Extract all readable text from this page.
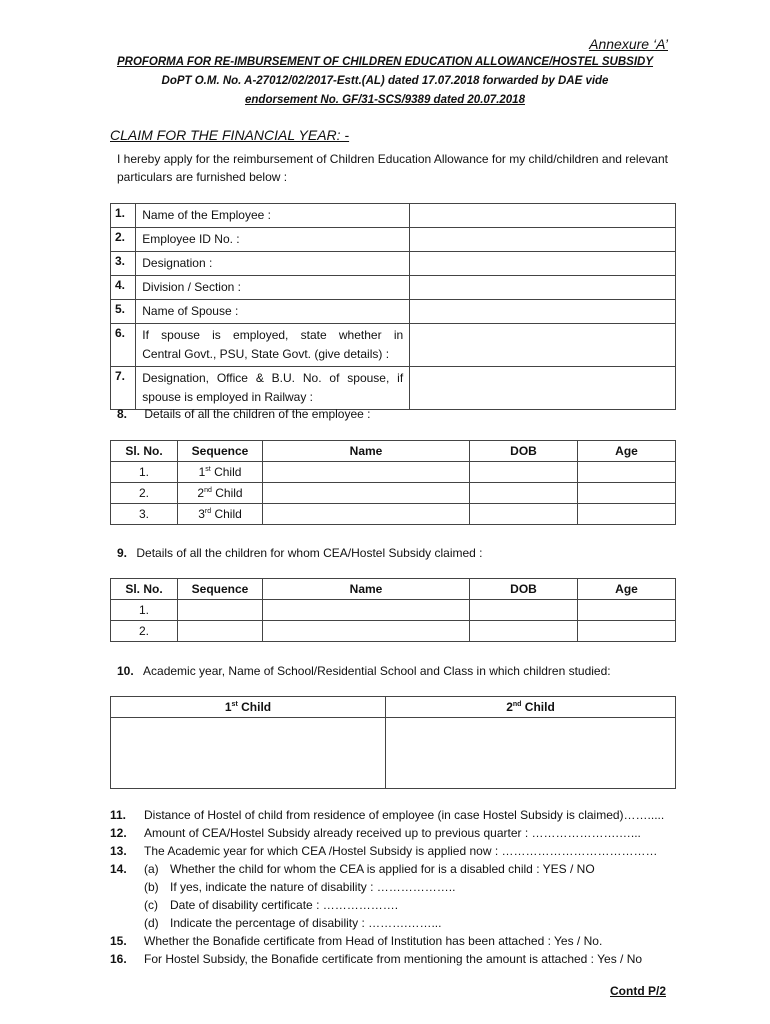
Annexure ‘A’
PROFORMA FOR RE-IMBURSEMENT OF CHILDREN EDUCATION ALLOWANCE/HOSTEL SUBSIDY
DoPT O.M. No. A-27012/02/2017-Estt.(AL) dated 17.07.2018 forwarded by DAE vide
endorsement No. GF/31-SCS/9389 dated 20.07.2018
CLAIM FOR THE FINANCIAL YEAR: -
I hereby apply for the reimbursement of Children Education Allowance for my child/children and relevant particulars are furnished below :
1.	Name of the Employee :	
2.	Employee ID No. :	
3.	Designation :	
4.	Division / Section :	
5.	Name of Spouse :	
6.	If spouse is employed, state whether in
Central Govt., PSU, State Govt. (give details) :	

7.	Designation, Office & B.U. No. of spouse, if
spouse is employed in Railway :	

8. Details of all the children of the employee :
Sl. No.	Sequence	Name	DOB	Age
1.	1st Child			
2.	2nd Child			
3.	3rd Child			
9. Details of all the children for whom CEA/Hostel Subsidy claimed :
Sl. No.	Sequence	Name	DOB	Age
1.				
2.				
10. Academic year, Name of School/Residential School and Class in which children studied:
1st Child	2nd Child

11.	Distance of Hostel of child from residence of employee (in case Hostel Subsidy is claimed)…….....
12.	Amount of CEA/Hostel Subsidy already received up to previous quarter : ………………….…...
13.	The Academic year for which CEA /Hostel Subsidy is applied now : …………………………………
14.	(a) Whether the child for whom the CEA is applied for is a disabled child : YES / NO
(b) If yes, indicate the nature of disability : ………………..
(c)	Date of disability certificate : ……………….
(d) Indicate the percentage of disability : ……….……...
15.	Whether the Bonafide certificate from Head of Institution has been attached : Yes / No.
16.	For Hostel Subsidy, the Bonafide certificate from mentioning the amount is attached : Yes / No
Contd P/2
